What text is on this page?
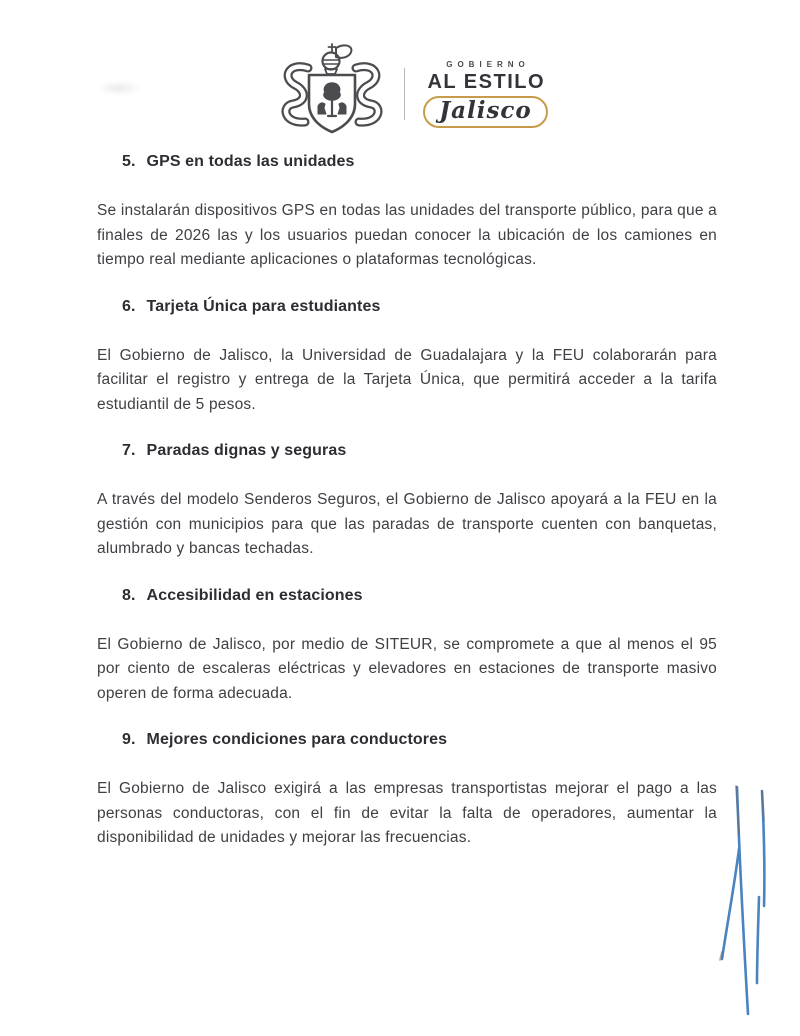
GOBIERNO
AL ESTILO
Jalisco
5. GPS en todas las unidades

Se instalarán dispositivos GPS en todas las unidades del transporte público, para que a finales de 2026 las y los usuarios puedan conocer la ubicación de los camiones en tiempo real mediante aplicaciones o plataformas tecnológicas.

6. Tarjeta Única para estudiantes

El Gobierno de Jalisco, la Universidad de Guadalajara y la FEU colaborarán para facilitar el registro y entrega de la Tarjeta Única, que permitirá acceder a la tarifa estudiantil de 5 pesos.

7. Paradas dignas y seguras

A través del modelo Senderos Seguros, el Gobierno de Jalisco apoyará a la FEU en la gestión con municipios para que las paradas de transporte cuenten con banquetas, alumbrado y bancas techadas.

8. Accesibilidad en estaciones

El Gobierno de Jalisco, por medio de SITEUR, se compromete a que al menos el 95 por ciento de escaleras eléctricas y elevadores en estaciones de transporte masivo operen de forma adecuada.

9. Mejores condiciones para conductores

El Gobierno de Jalisco exigirá a las empresas transportistas mejorar el pago a las personas conductoras, con el fin de evitar la falta de operadores, aumentar la disponibilidad de unidades y mejorar las frecuencias.
